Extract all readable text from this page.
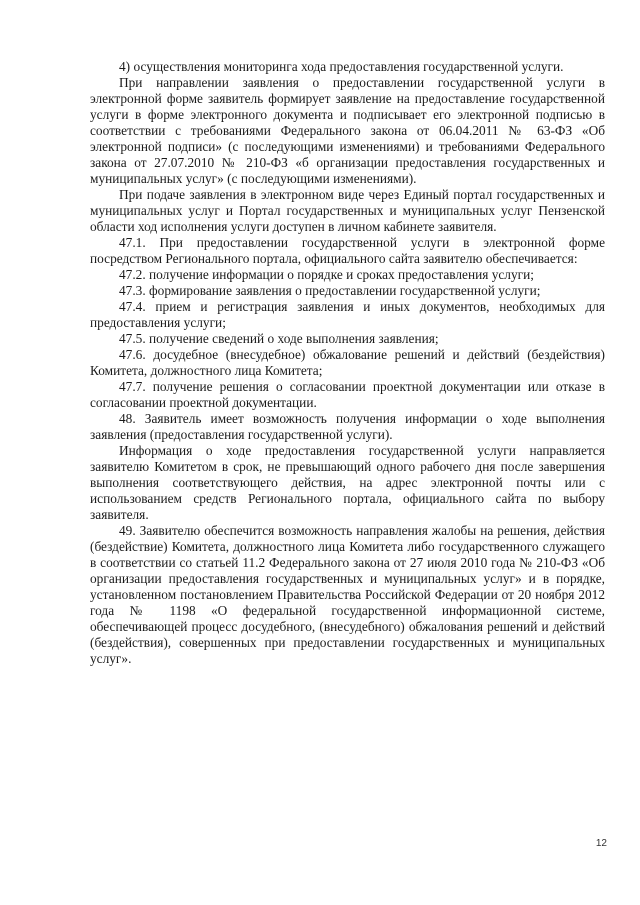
4) осуществления мониторинга хода предоставления государственной услуги.

При направлении заявления о предоставлении государственной услуги в электронной форме заявитель формирует заявление на предоставление государственной услуги в форме электронного документа и подписывает его электронной подписью в соответствии с требованиями Федерального закона от 06.04.2011 № 63-ФЗ «Об электронной подписи» (с последующими изменениями) и требованиями Федерального закона от 27.07.2010 № 210-ФЗ «б организации предоставления государственных и муниципальных услуг» (с последующими изменениями).

При подаче заявления в электронном виде через Единый портал государственных и муниципальных услуг и Портал государственных и муниципальных услуг Пензенской области ход исполнения услуги доступен в личном кабинете заявителя.

47.1. При предоставлении государственной услуги в электронной форме посредством Регионального портала, официального сайта заявителю обеспечивается:

47.2. получение информации о порядке и сроках предоставления услуги;

47.3. формирование заявления о предоставлении государственной услуги;

47.4. прием и регистрация заявления и иных документов, необходимых для предоставления услуги;

47.5. получение сведений о ходе выполнения заявления;

47.6. досудебное (внесудебное) обжалование решений и действий (бездействия) Комитета, должностного лица Комитета;

47.7. получение решения о согласовании проектной документации или отказе в согласовании проектной документации.

48. Заявитель имеет возможность получения информации о ходе выполнения заявления (предоставления государственной услуги).

Информация о ходе предоставления государственной услуги направляется заявителю Комитетом в срок, не превышающий одного рабочего дня после завершения выполнения соответствующего действия, на адрес электронной почты или с использованием средств Регионального портала, официального сайта по выбору заявителя.

49. Заявителю обеспечится возможность направления жалобы на решения, действия (бездействие) Комитета, должностного лица Комитета либо государственного служащего в соответствии со статьей 11.2 Федерального закона от 27 июля 2010 года № 210-ФЗ «Об организации предоставления государственных и муниципальных услуг» и в порядке, установленном постановлением Правительства Российской Федерации от 20 ноября 2012 года № 1198 «О федеральной государственной информационной системе, обеспечивающей процесс досудебного, (внесудебного) обжалования решений и действий (бездействия), совершенных при предоставлении государственных и муниципальных услуг».

12
